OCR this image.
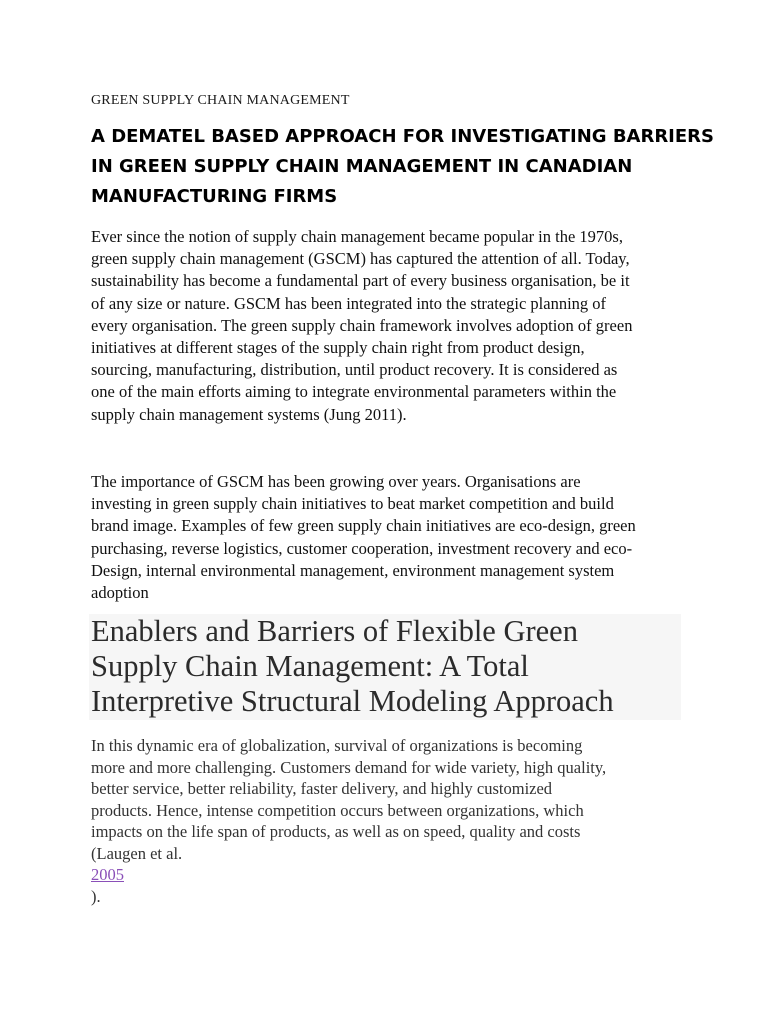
GREEN SUPPLY CHAIN MANAGEMENT
A DEMATEL BASED APPROACH FOR INVESTIGATING BARRIERS
IN GREEN SUPPLY CHAIN MANAGEMENT IN CANADIAN
MANUFACTURING FIRMS

Ever since the notion of supply chain management became popular in the 1970s,
green supply chain management (GSCM) has captured the attention of all. Today,
sustainability has become a fundamental part of every business organisation, be it
of any size or nature. GSCM has been integrated into the strategic planning of
every organisation. The green supply chain framework involves adoption of green
initiatives at different stages of the supply chain right from product design,
sourcing, manufacturing, distribution, until product recovery. It is considered as
one of the main efforts aiming to integrate environmental parameters within the
supply chain management systems (Jung 2011).

The importance of GSCM has been growing over years. Organisations are
investing in green supply chain initiatives to beat market competition and build
brand image. Examples of few green supply chain initiatives are eco-design, green
purchasing, reverse logistics, customer cooperation, investment recovery and eco-
Design, internal environmental management, environment management system
adoption

Enablers and Barriers of Flexible Green
Supply Chain Management: A Total
Interpretive Structural Modeling Approach

In this dynamic era of globalization, survival of organizations is becoming
more and more challenging. Customers demand for wide variety, high quality,
better service, better reliability, faster delivery, and highly customized
products. Hence, intense competition occurs between organizations, which
impacts on the life span of products, as well as on speed, quality and costs
(Laugen et al.
2005
).
